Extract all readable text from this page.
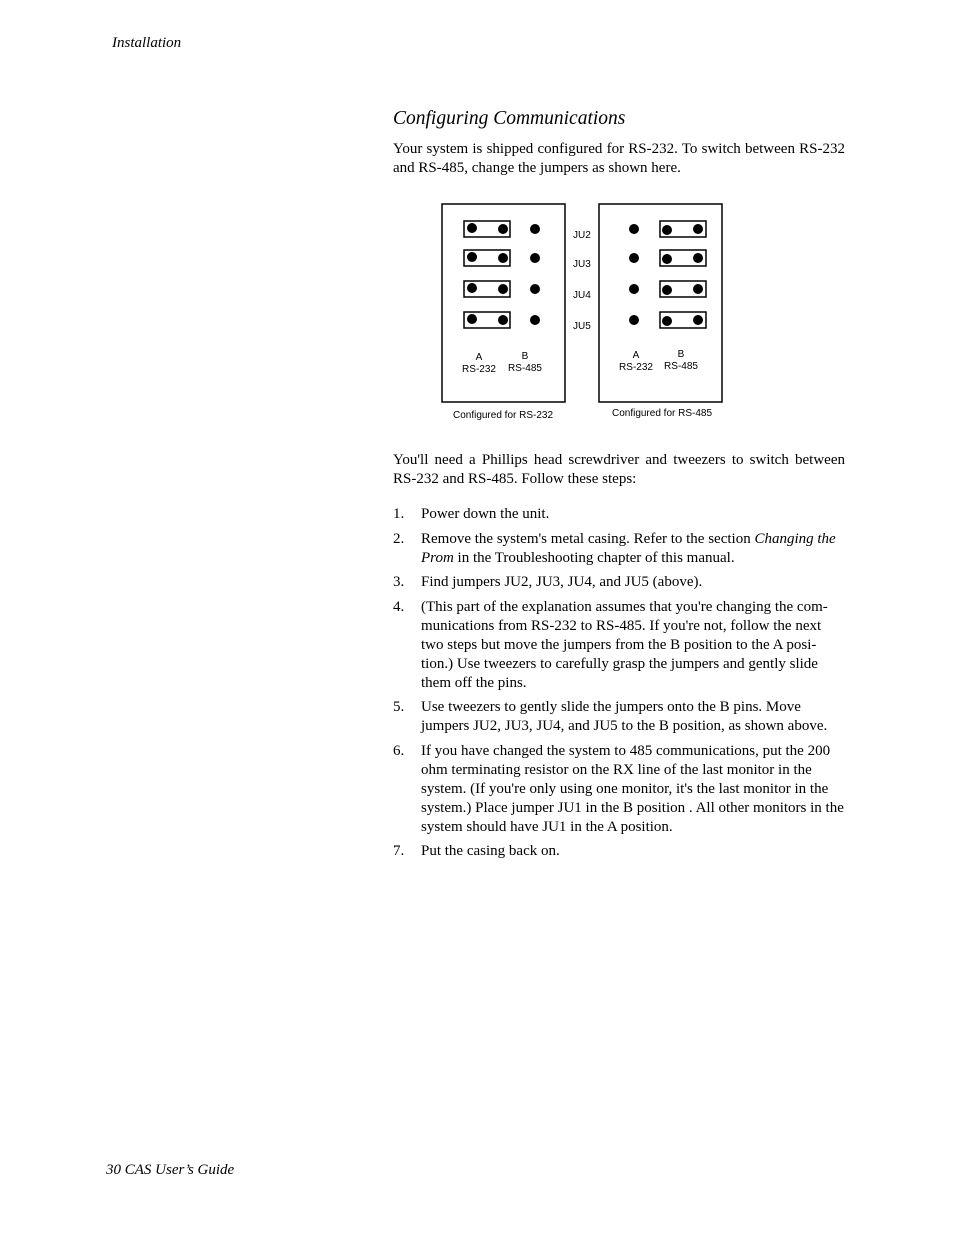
Installation
Configuring Communications

Your system is shipped configured for RS-232. To switch between RS-232 and RS-485, change the jumpers as shown here.

JU2
JU3
JU4
JU5
A
RS-232
B
RS-485
A
RS-232
B
RS-485
Configured for RS-232	Configured for RS-485

You'll need a Phillips head screwdriver and tweezers to switch between RS-232 and RS-485. Follow these steps:

1. Power down the unit.
2. Remove the system's metal casing. Refer to the section Changing the Prom in the Troubleshooting chapter of this manual.
3. Find jumpers JU2, JU3, JU4, and JU5 (above).
4. (This part of the explanation assumes that you're changing the com-munications from RS-232 to RS-485. If you're not, follow the next two steps but move the jumpers from the B position to the A posi-tion.) Use tweezers to carefully grasp the jumpers and gently slide them off the pins.
5. Use tweezers to gently slide the jumpers onto the B pins. Move jumpers JU2, JU3, JU4, and JU5 to the B position, as shown above.
6. If you have changed the system to 485 communications, put the 200 ohm terminating resistor on the RX line of the last monitor in the system. (If you're only using one monitor, it's the last monitor in the system.) Place jumper JU1 in the B position . All other monitors in the system should have JU1 in the A position.
7. Put the casing back on.
30 CAS User’s Guide
